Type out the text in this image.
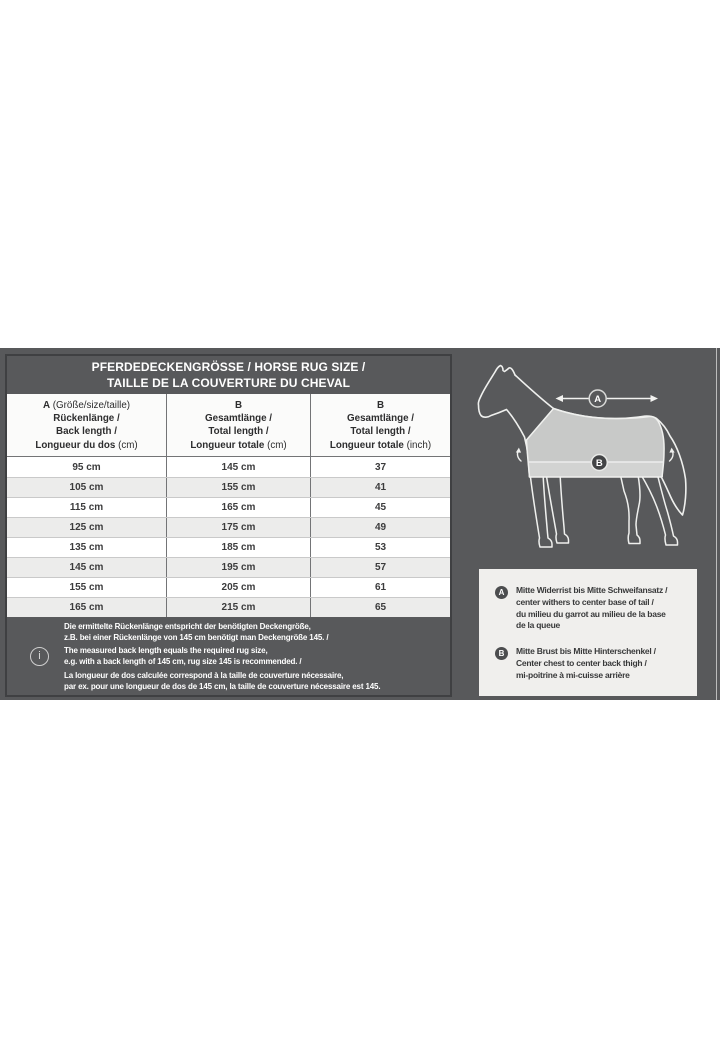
PFERDEDECKENGRÖSSE / HORSE RUG SIZE /
TAILLE DE LA COUVERTURE DU CHEVAL
A (Größe/size/taille)
Rückenlänge /
Back length /
Longueur du dos (cm)
B
Gesamtlänge /
Total length /
Longueur totale (cm)
B
Gesamtlänge /
Total length /
Longueur totale (inch)
95 cm	145 cm	37
105 cm	155 cm	41
115 cm	165 cm	45
125 cm	175 cm	49
135 cm	185 cm	53
145 cm	195 cm	57
155 cm	205 cm	61
165 cm	215 cm	65
i
Die ermittelte Rückenlänge entspricht der benötigten Deckengröße,
z.B. bei einer Rückenlänge von 145 cm benötigt man Deckengröße 145. /
The measured back length equals the required rug size,
e.g. with a back length of 145 cm, rug size 145 is recommended. /
La longueur de dos calculée correspond à la taille de couverture nécessaire,
par ex. pour une longueur de dos de 145 cm, la taille de couverture nécessaire est 145.
A
B
A	Mitte Widerrist bis Mitte Schweifansatz /
center withers to center base of tail /
du milieu du garrot au milieu de la base
de la queue
B	Mitte Brust bis Mitte Hinterschenkel /
Center chest to center back thigh /
mi-poitrine à mi-cuisse arrière
